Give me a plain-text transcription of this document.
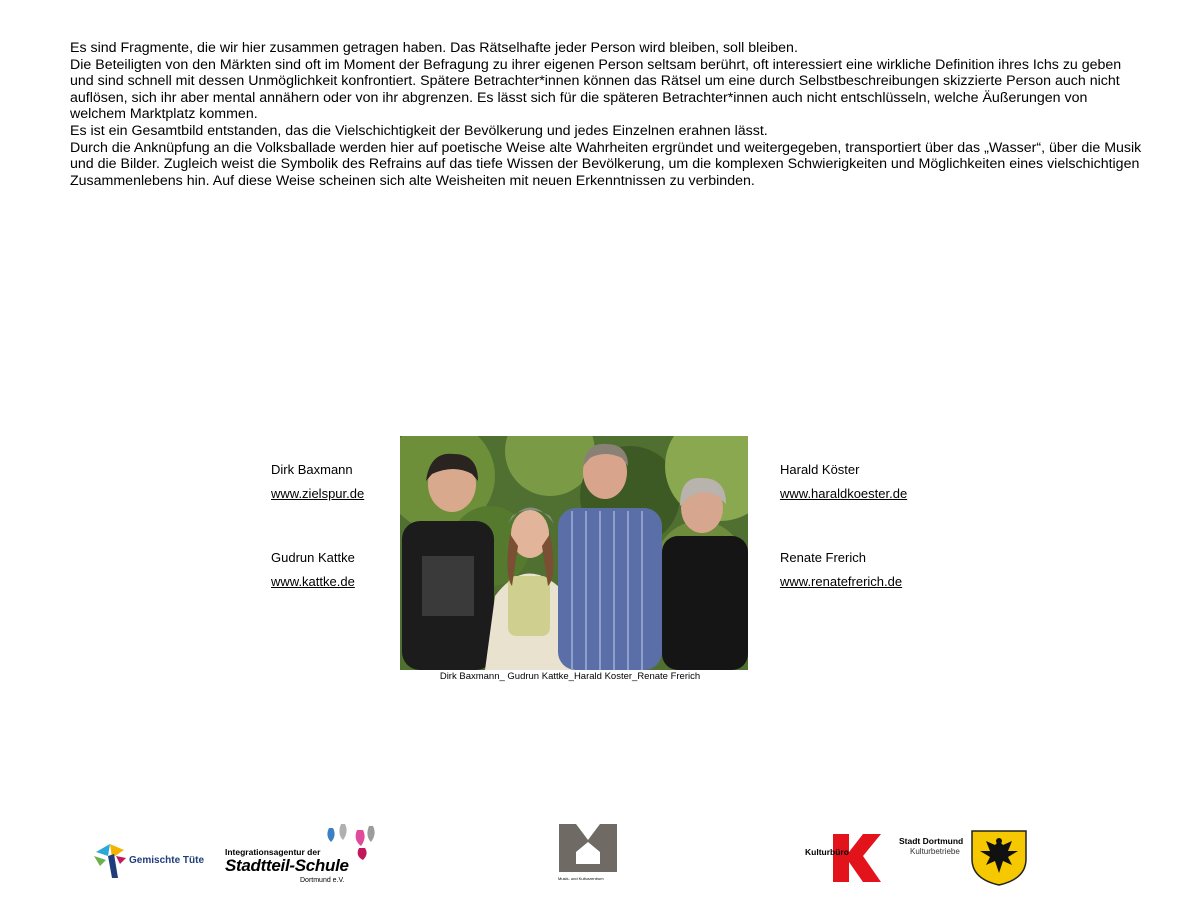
Es sind Fragmente, die wir hier zusammen getragen haben. Das Rätselhafte jeder Person wird bleiben, soll bleiben.

Die Beteiligten von den Märkten sind oft im Moment der Befragung zu ihrer eigenen Person seltsam berührt, oft interessiert eine wirkliche Definition ihres Ichs zu geben und sind schnell mit dessen Unmöglichkeit konfrontiert. Spätere Betrachter*innen können das Rätsel um eine durch Selbstbeschreibungen skizzierte Person auch nicht auflösen, sich ihr aber mental annähern oder von ihr abgrenzen. Es lässt sich für die späteren Betrachter*innen auch nicht entschlüsseln, welche Äußerungen von welchem Marktplatz kommen.

Es ist ein Gesamtbild entstanden, das die Vielschichtigkeit der Bevölkerung und jedes Einzelnen erahnen lässt.

Durch die Anknüpfung an die Volksballade werden hier auf poetische Weise alte Wahrheiten ergründet und weitergegeben, transportiert über das „Wasser“, über die Musik und die Bilder. Zugleich weist die Symbolik des Refrains auf das tiefe Wissen der Bevölkerung, um die komplexen Schwierigkeiten und Möglichkeiten eines vielschichtigen Zusammenlebens hin. Auf diese Weise scheinen sich alte Weisheiten mit neuen Erkenntnissen zu verbinden.

Dirk Baxmann
www.zielspur.de
Gudrun Kattke
www.kattke.de
Harald Köster
www.haraldkoester.de
Renate Frerich
www.renatefrerich.de
Dirk Baxmann_ Gudrun Kattke_Harald Koster_Renate Frerich
Gemischte Tüte
Integrationsagentur der
Stadtteil-Schule
Dortmund e.V.	Musik- und Kulturzentrum
Kulturbüro
Stadt Dortmund
Kulturbetriebe
